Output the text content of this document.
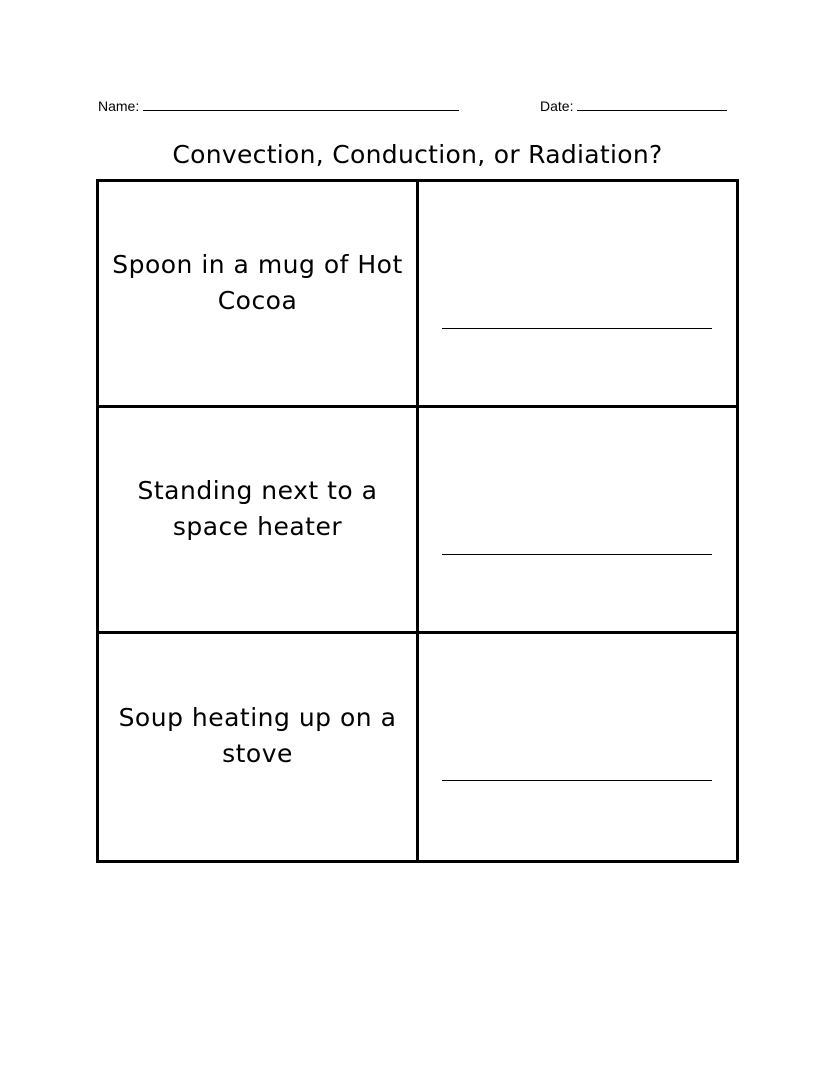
Name:	Date:
Convection, Conduction, or Radiation?
Spoon in a mug of Hot Cocoa
Standing next to a space heater
Soup heating up on a stove
